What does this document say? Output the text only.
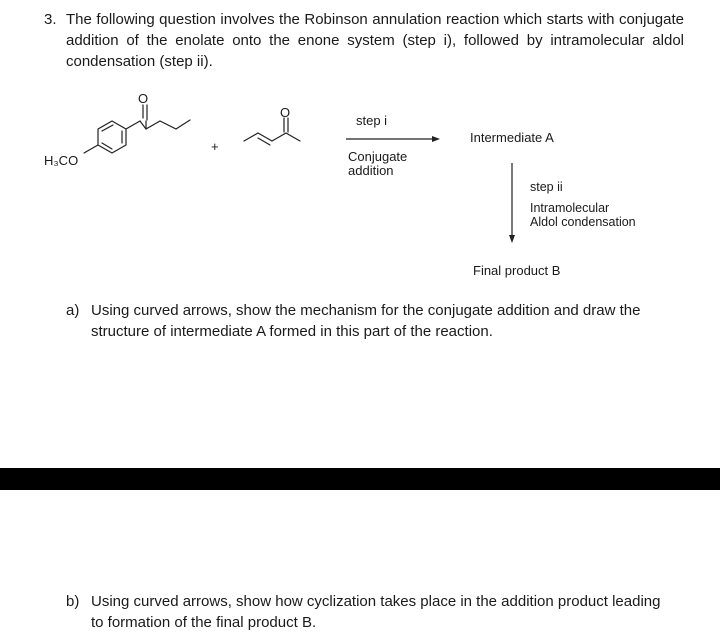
3. The following question involves the Robinson annulation reaction which starts with conjugate addition of the enolate onto the enone system (step i), followed by intramolecular aldol condensation (step ii).
H₃CO
O
+
O
step i
Conjugate
addition
Intermediate A
step ii
Intramolecular
Aldol condensation
Final product B
a) Using curved arrows, show the mechanism for the conjugate addition and draw the structure of intermediate A formed in this part of the reaction.
b) Using curved arrows, show how cyclization takes place in the addition product leading to formation of the final product B.
